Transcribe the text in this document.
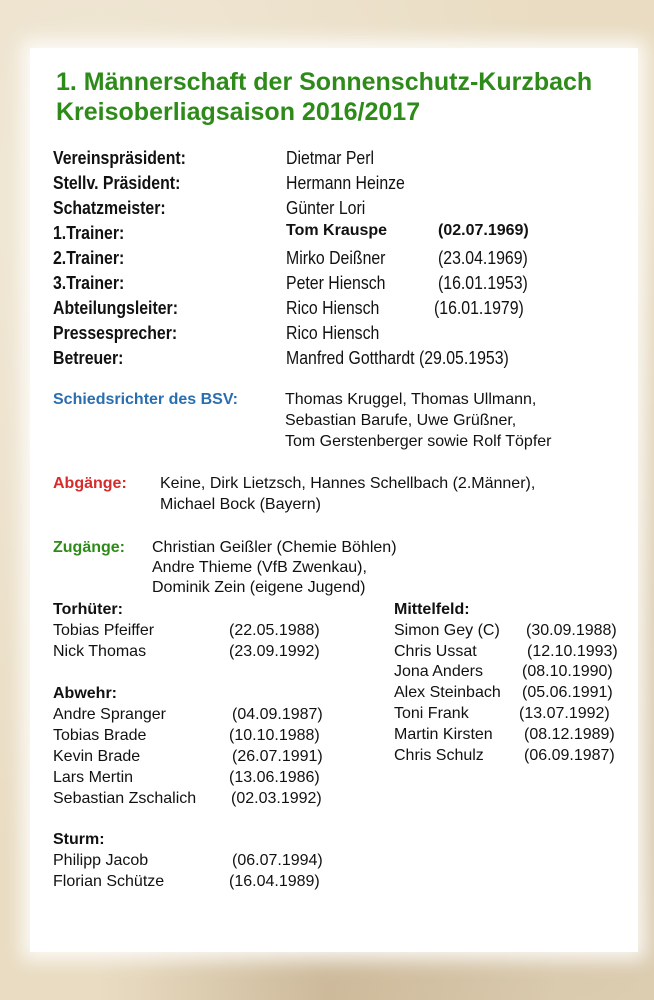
1. Männerschaft der Sonnenschutz-Kurzbach
Kreisoberliagsaison 2016/2017
Vereinspräsident:	Dietmar Perl
Stellv. Präsident:	Hermann Heinze
Schatzmeister:	Günter Lori
1.Trainer:	Tom Krauspe	(02.07.1969)
2.Trainer:	Mirko Deißner	(23.04.1969)
3.Trainer:	Peter Hiensch	(16.01.1953)
Abteilungsleiter:	Rico Hiensch	(16.01.1979)
Pressesprecher:	Rico Hiensch
Betreuer:	Manfred Gotthardt (29.05.1953)
Schiedsrichter des BSV:	Thomas Kruggel, Thomas Ullmann,
Sebastian Barufe, Uwe Grüßner,
Tom Gerstenberger sowie Rolf Töpfer
Abgänge: Keine, Dirk Lietzsch, Hannes Schellbach (2.Männer),
Michael Bock (Bayern)
Zugänge: Christian Geißler (Chemie Böhlen)
Andre Thieme (VfB Zwenkau),
Dominik Zein (eigene Jugend)
Torhüter:
Tobias Pfeiffer	(22.05.1988)
Nick Thomas	(23.09.1992)
Abwehr:
Andre Spranger	(04.09.1987)
Tobias Brade	(10.10.1988)
Kevin Brade	(26.07.1991)
Lars Mertin	(13.06.1986)
Sebastian Zschalich (02.03.1992)
Sturm:
Philipp Jacob	(06.07.1994)
Florian Schütze	(16.04.1989)
Mittelfeld:
Simon Gey (C) (30.09.1988)
Chris Ussat	(12.10.1993)
Jona Anders (08.10.1990)
Alex Steinbach (05.06.1991)
Toni Frank	(13.07.1992)
Martin Kirsten (08.12.1989)
Chris Schulz	(06.09.1987)
